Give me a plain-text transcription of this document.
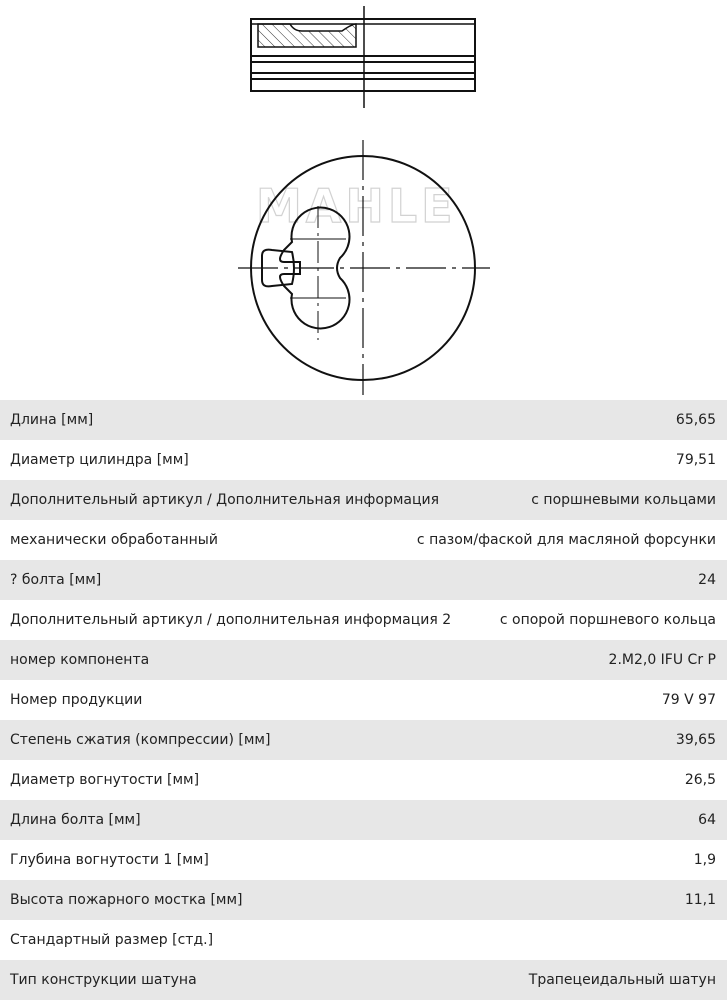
MAHLE
Длина [мм]	65,65
Диаметр цилиндра [мм]	79,51
Дополнительный артикул / Дополнительная информация	с поршневыми кольцами
механически обработанный	с пазом/фаской для масляной форсунки
? болта [мм]	24
Дополнительный артикул / дополнительная информация 2	с опорой поршневого кольца
номер компонента	2.M2,0 IFU Cr P
Номер продукции	79 V 97
Степень сжатия (компрессии) [мм]	39,65
Диаметр вогнутости [мм]	26,5
Длина болта [мм]	64
Глубина вогнутости 1 [мм]	1,9
Высота пожарного мостка [мм]	11,1
Стандартный размер [стд.]
Тип конструкции шатуна	Трапецеидальный шатун
